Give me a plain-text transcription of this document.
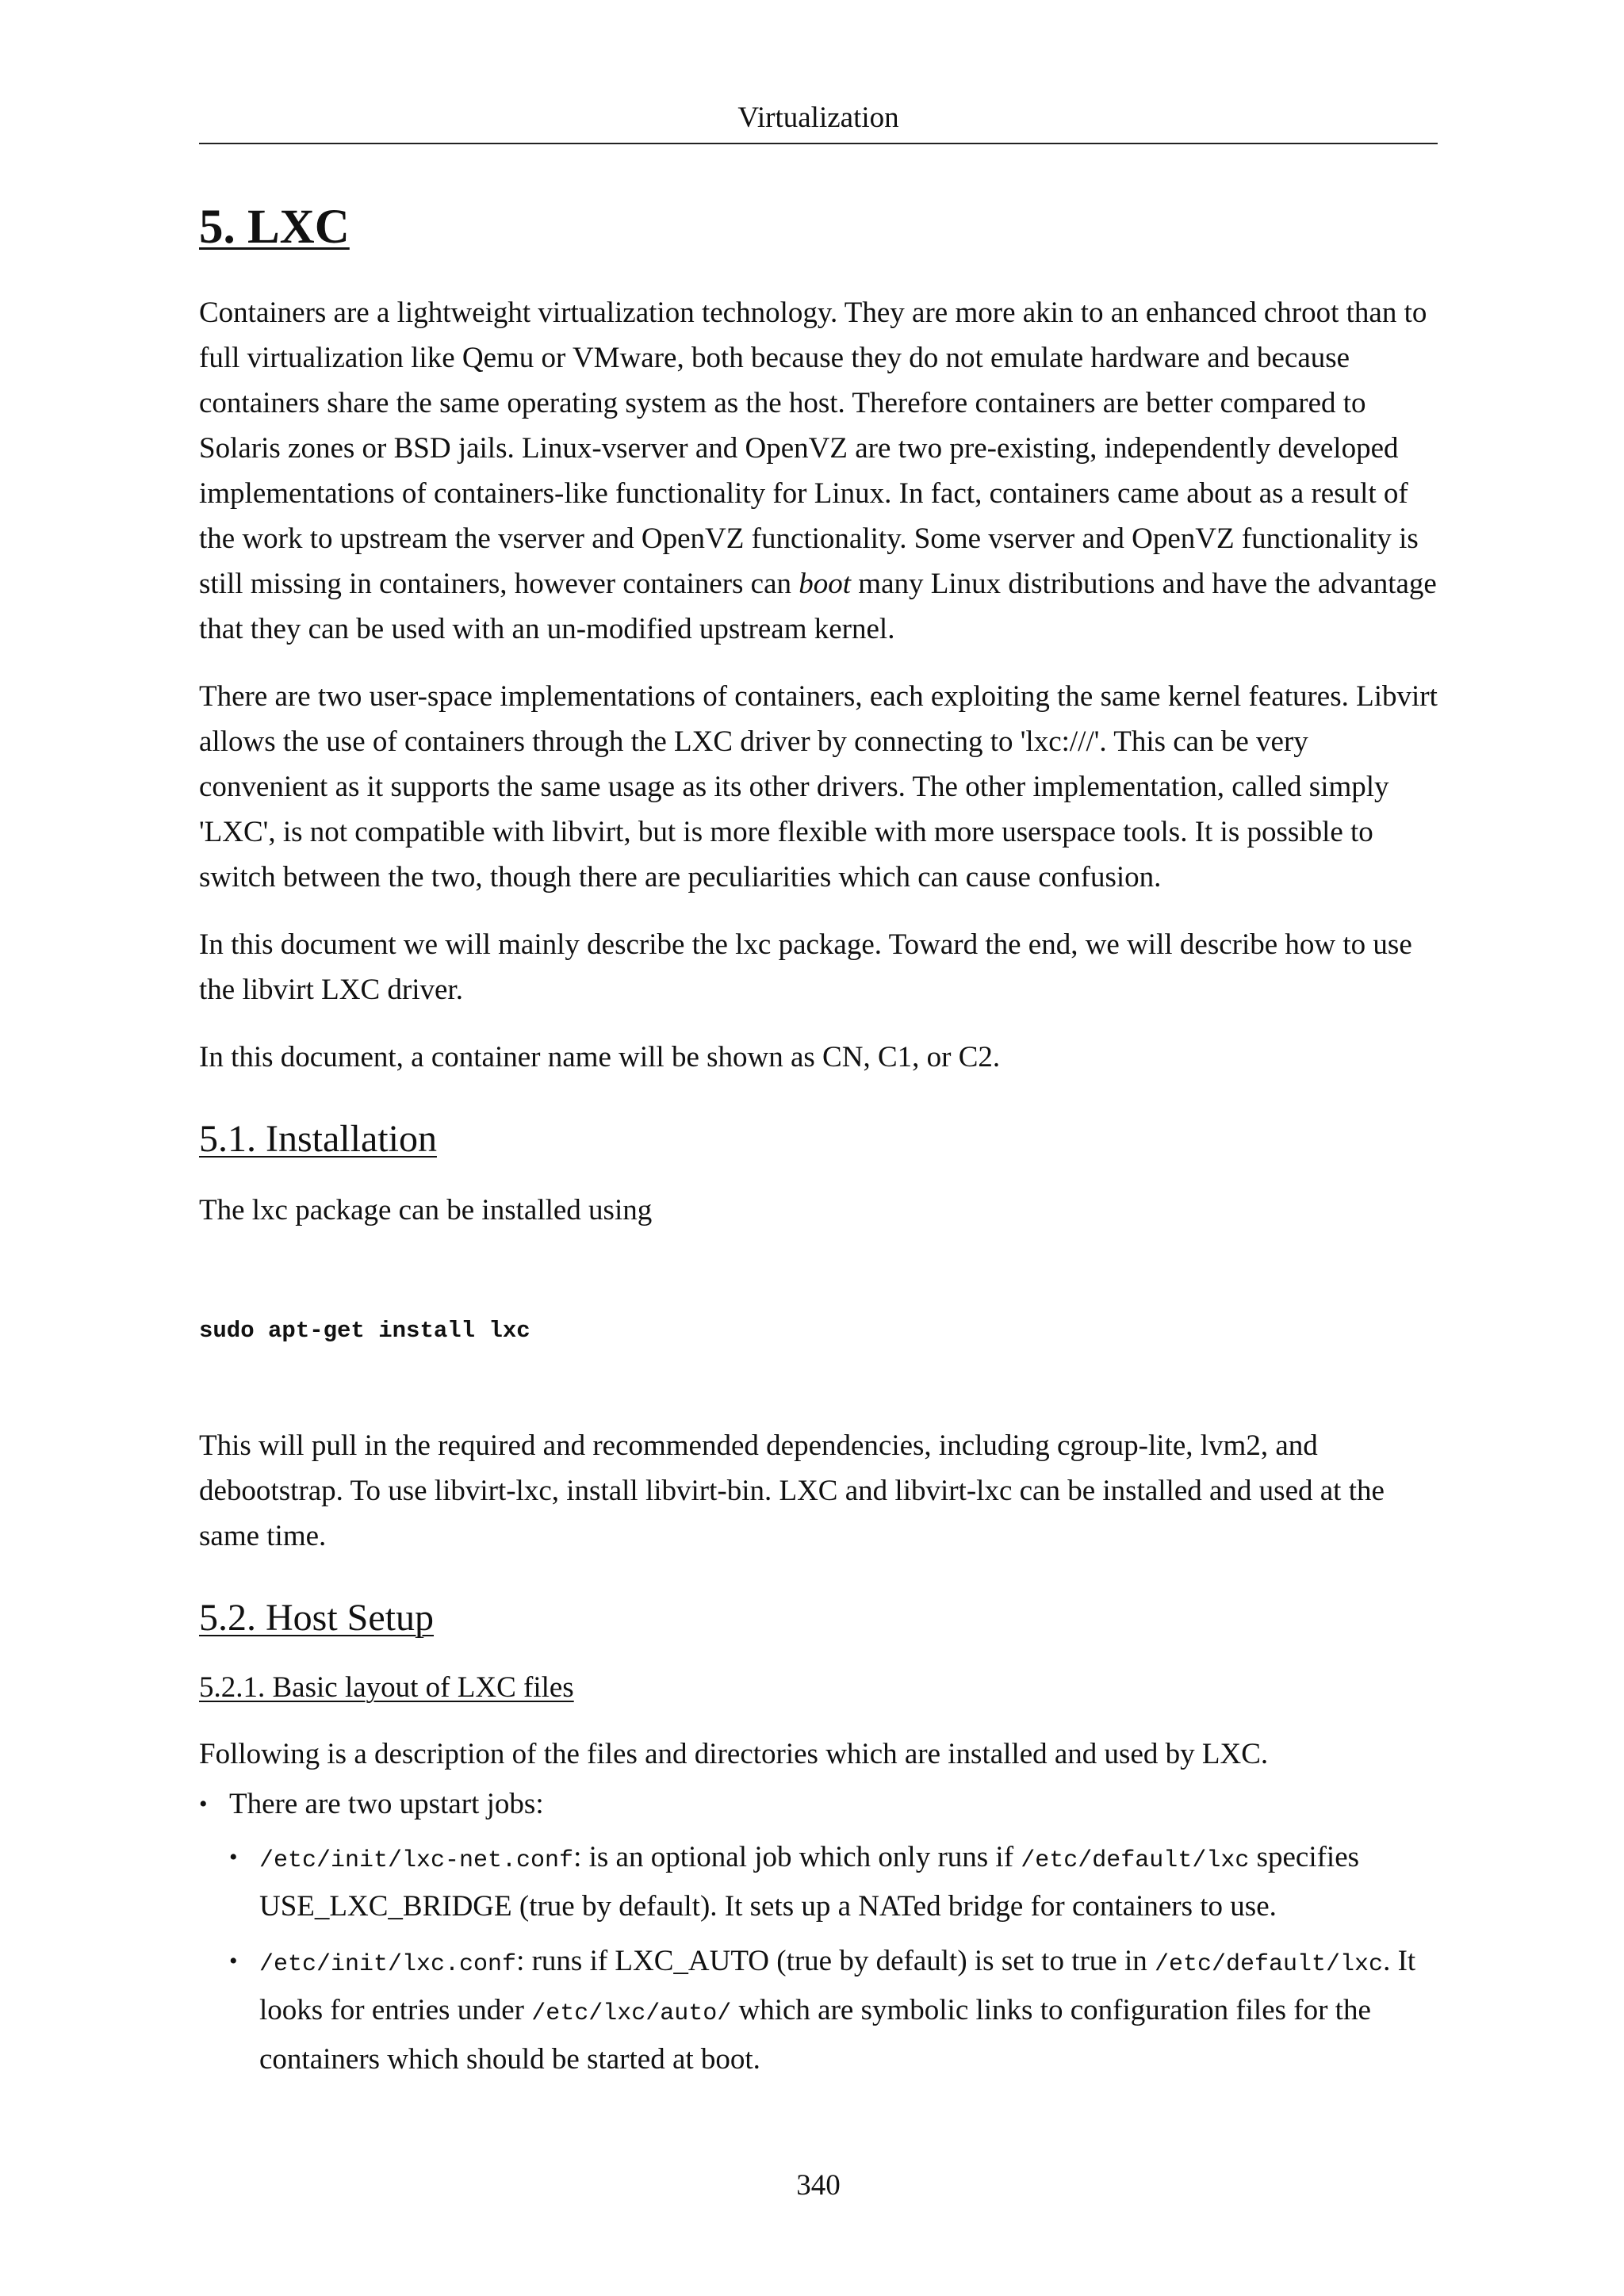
Virtualization
5. LXC

Containers are a lightweight virtualization technology. They are more akin to an enhanced chroot than to full virtualization like Qemu or VMware, both because they do not emulate hardware and because containers share the same operating system as the host. Therefore containers are better compared to Solaris zones or BSD jails. Linux-vserver and OpenVZ are two pre-existing, independently developed implementations of containers-like functionality for Linux. In fact, containers came about as a result of the work to upstream the vserver and OpenVZ functionality. Some vserver and OpenVZ functionality is still missing in containers, however containers can boot many Linux distributions and have the advantage that they can be used with an un-modified upstream kernel.

There are two user-space implementations of containers, each exploiting the same kernel features. Libvirt allows the use of containers through the LXC driver by connecting to 'lxc:///'. This can be very convenient as it supports the same usage as its other drivers. The other implementation, called simply 'LXC', is not compatible with libvirt, but is more flexible with more userspace tools. It is possible to switch between the two, though there are peculiarities which can cause confusion.

In this document we will mainly describe the lxc package. Toward the end, we will describe how to use the libvirt LXC driver.

In this document, a container name will be shown as CN, C1, or C2.

5.1. Installation

The lxc package can be installed using

sudo apt-get install lxc

This will pull in the required and recommended dependencies, including cgroup-lite, lvm2, and debootstrap. To use libvirt-lxc, install libvirt-bin. LXC and libvirt-lxc can be installed and used at the same time.

5.2. Host Setup
5.2.1. Basic layout of LXC files

Following is a description of the files and directories which are installed and used by LXC.

• There are two upstart jobs:
• /etc/init/lxc-net.conf: is an optional job which only runs if /etc/default/lxc specifies USE_LXC_BRIDGE (true by default). It sets up a NATed bridge for containers to use.
• /etc/init/lxc.conf: runs if LXC_AUTO (true by default) is set to true in /etc/default/lxc. It looks for entries under /etc/lxc/auto/ which are symbolic links to configuration files for the containers which should be started at boot.
340
